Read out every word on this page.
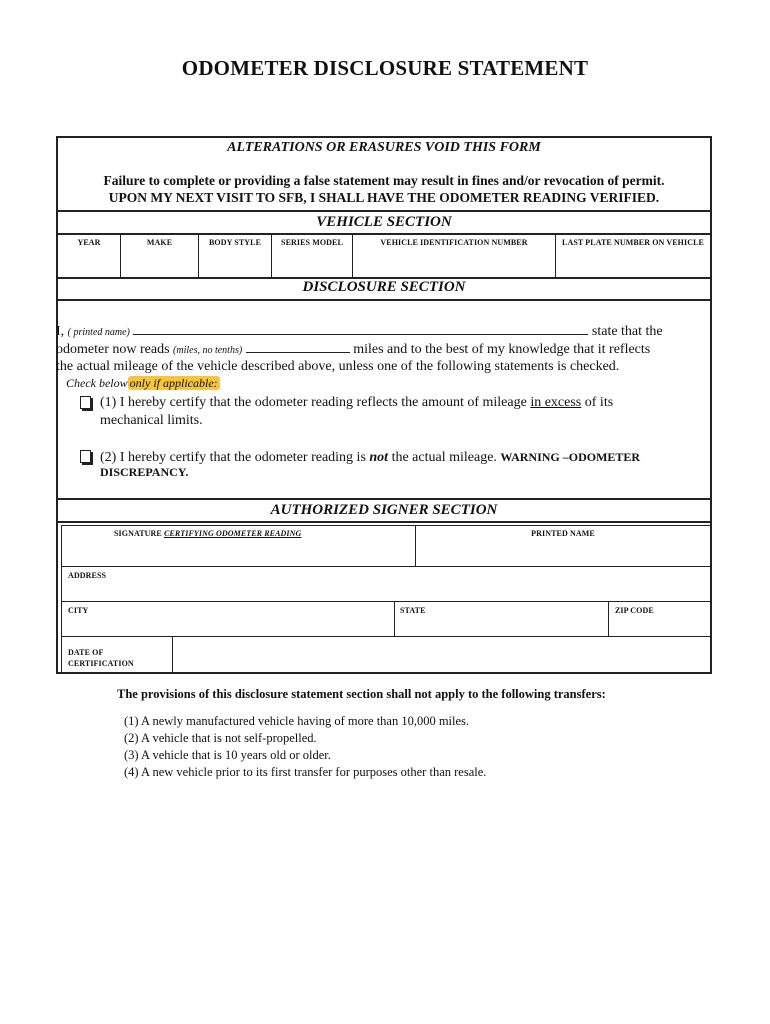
ODOMETER DISCLOSURE STATEMENT
ALTERATIONS OR ERASURES VOID THIS FORM
Failure to complete or providing a false statement may result in fines and/or revocation of permit.
UPON MY NEXT VISIT TO SFB, I SHALL HAVE THE ODOMETER READING VERIFIED.
VEHICLE SECTION
YEAR	MAKE	BODY STYLE	SERIES MODEL	VEHICLE IDENTIFICATION NUMBER	LAST PLATE NUMBER ON VEHICLE
DISCLOSURE SECTION
I, ( printed name)	state that the
odometer now reads (miles, no tenths)	miles and to the best of my knowledge that it reflects
the actual mileage of the vehicle described above, unless one of the following statements is checked.
Check below only if applicable:
(1) I hereby certify that the odometer reading reflects the amount of mileage in excess of its
mechanical limits.
(2) I hereby certify that the odometer reading is not the actual mileage. WARNING –ODOMETER
DISCREPANCY.
AUTHORIZED SIGNER SECTION
SIGNATURE CERTIFYING ODOMETER READING	PRINTED NAME
ADDRESS
CITY	STATE	ZIP CODE
DATE OF
CERTIFICATION
The provisions of this disclosure statement section shall not apply to the following transfers:
(1) A newly manufactured vehicle having of more than 10,000 miles.
(2) A vehicle that is not self-propelled.
(3) A vehicle that is 10 years old or older.
(4) A new vehicle prior to its first transfer for purposes other than resale.
